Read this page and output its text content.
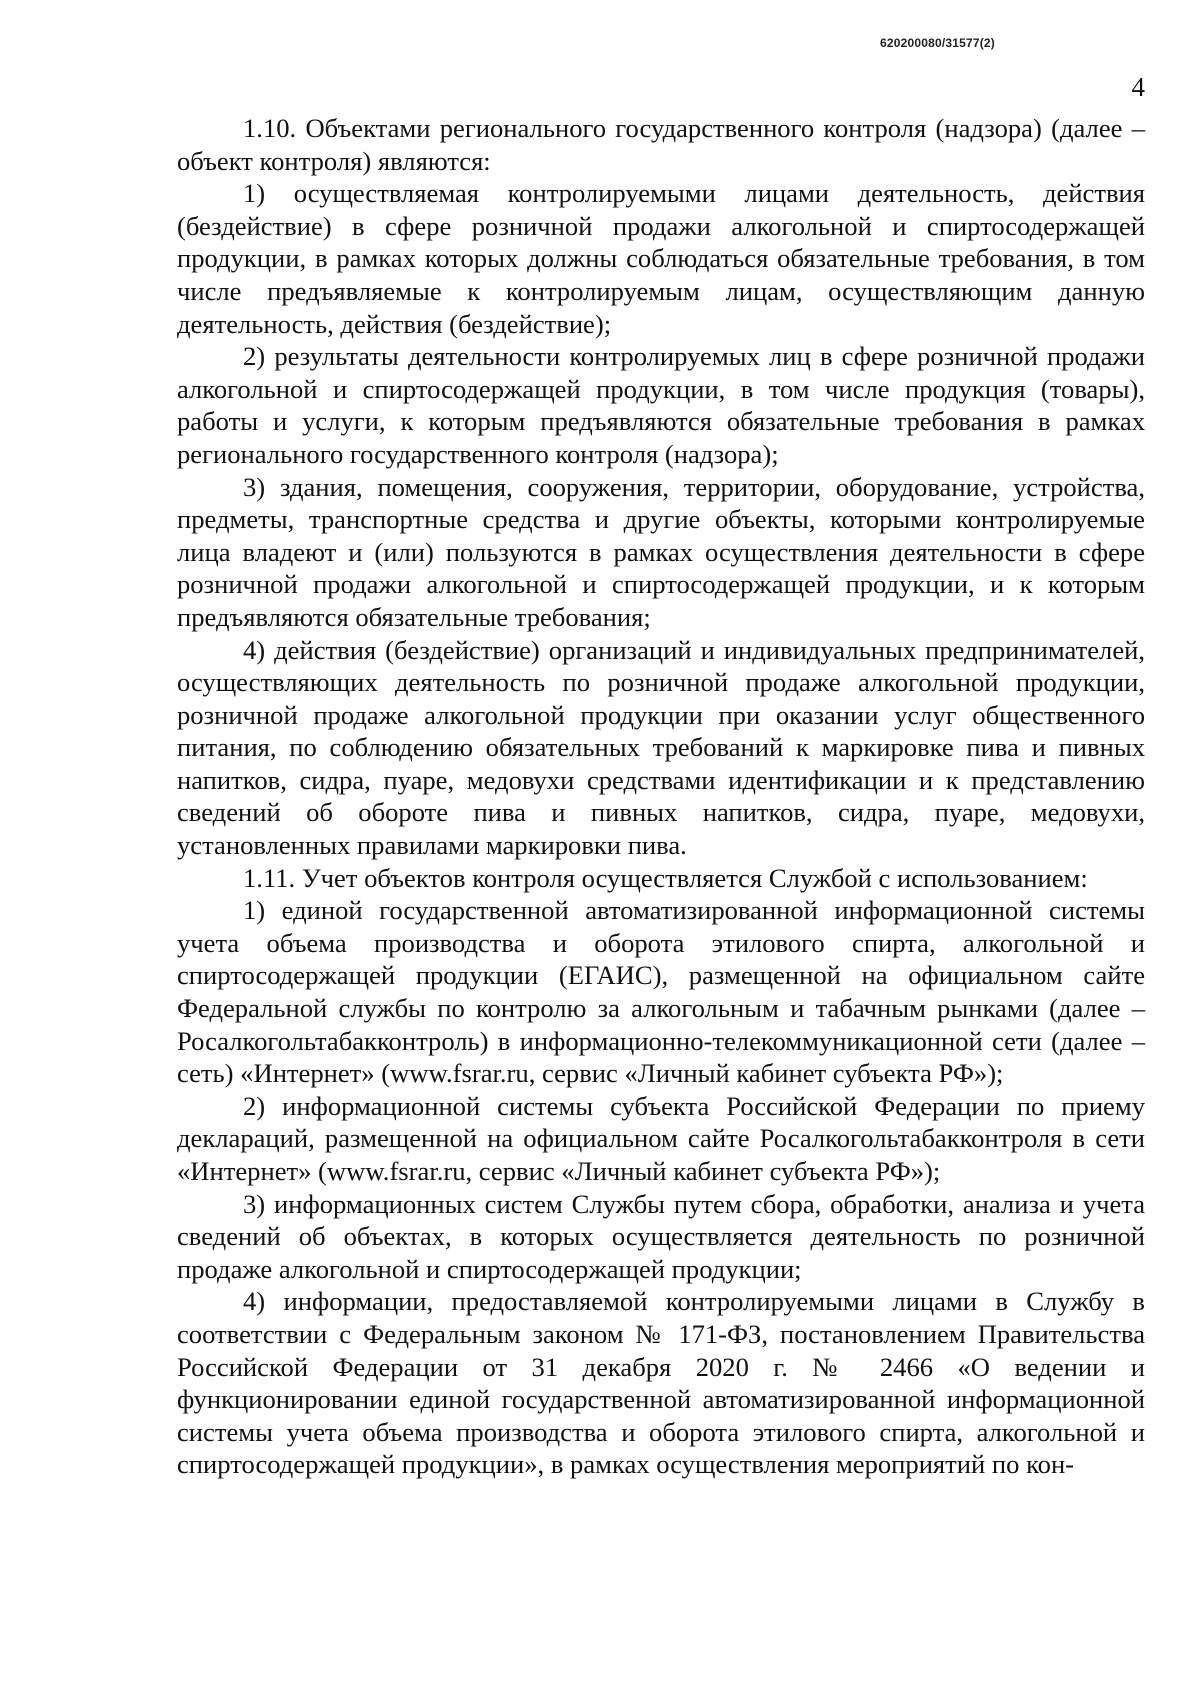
620200080/31577(2)
4

1.10. Объектами регионального государственного контроля (надзора) (далее – объект контроля) являются:

1) осуществляемая контролируемыми лицами деятельность, действия (бездействие) в сфере розничной продажи алкогольной и спиртосодержащей продукции, в рамках которых должны соблюдаться обязательные требования, в том числе предъявляемые к контролируемым лицам, осуществляющим данную деятельность, действия (бездействие);

2) результаты деятельности контролируемых лиц в сфере розничной продажи алкогольной и спиртосодержащей продукции, в том числе продукция (товары), работы и услуги, к которым предъявляются обязательные требования в рамках регионального государственного контроля (надзора);

3) здания, помещения, сооружения, территории, оборудование, устройства, предметы, транспортные средства и другие объекты, которыми контролируемые лица владеют и (или) пользуются в рамках осуществления деятельности в сфере розничной продажи алкогольной и спиртосодержащей продукции, и к которым предъявляются обязательные требования;

4) действия (бездействие) организаций и индивидуальных предпринимателей, осуществляющих деятельность по розничной продаже алкогольной продукции, розничной продаже алкогольной продукции при оказании услуг общественного питания, по соблюдению обязательных требований к маркировке пива и пивных напитков, сидра, пуаре, медовухи средствами идентификации и к представлению сведений об обороте пива и пивных напитков, сидра, пуаре, медовухи, установленных правилами маркировки пива.

1.11. Учет объектов контроля осуществляется Службой с использованием:

1) единой государственной автоматизированной информационной системы учета объема производства и оборота этилового спирта, алкогольной и спиртосодержащей продукции (ЕГАИС), размещенной на официальном сайте Федеральной службы по контролю за алкогольным и табачным рынками (далее – Росалкогольтабакконтроль) в информационно-телекоммуникационной сети (далее – сеть) «Интернет» (www.fsrar.ru, сервис «Личный кабинет субъекта РФ»);

2) информационной системы субъекта Российской Федерации по приему деклараций, размещенной на официальном сайте Росалкогольтабакконтроля в сети «Интернет» (www.fsrar.ru, сервис «Личный кабинет субъекта РФ»);

3) информационных систем Службы путем сбора, обработки, анализа и учета сведений об объектах, в которых осуществляется деятельность по розничной продаже алкогольной и спиртосодержащей продукции;

4) информации, предоставляемой контролируемыми лицами в Службу в соответствии с Федеральным законом № 171-ФЗ, постановлением Правительства Российской Федерации от 31 декабря 2020 г. № 2466 «О ведении и функционировании единой государственной автоматизированной информационной системы учета объема производства и оборота этилового спирта, алкогольной и спиртосодержащей продукции», в рамках осуществления мероприятий по кон-
